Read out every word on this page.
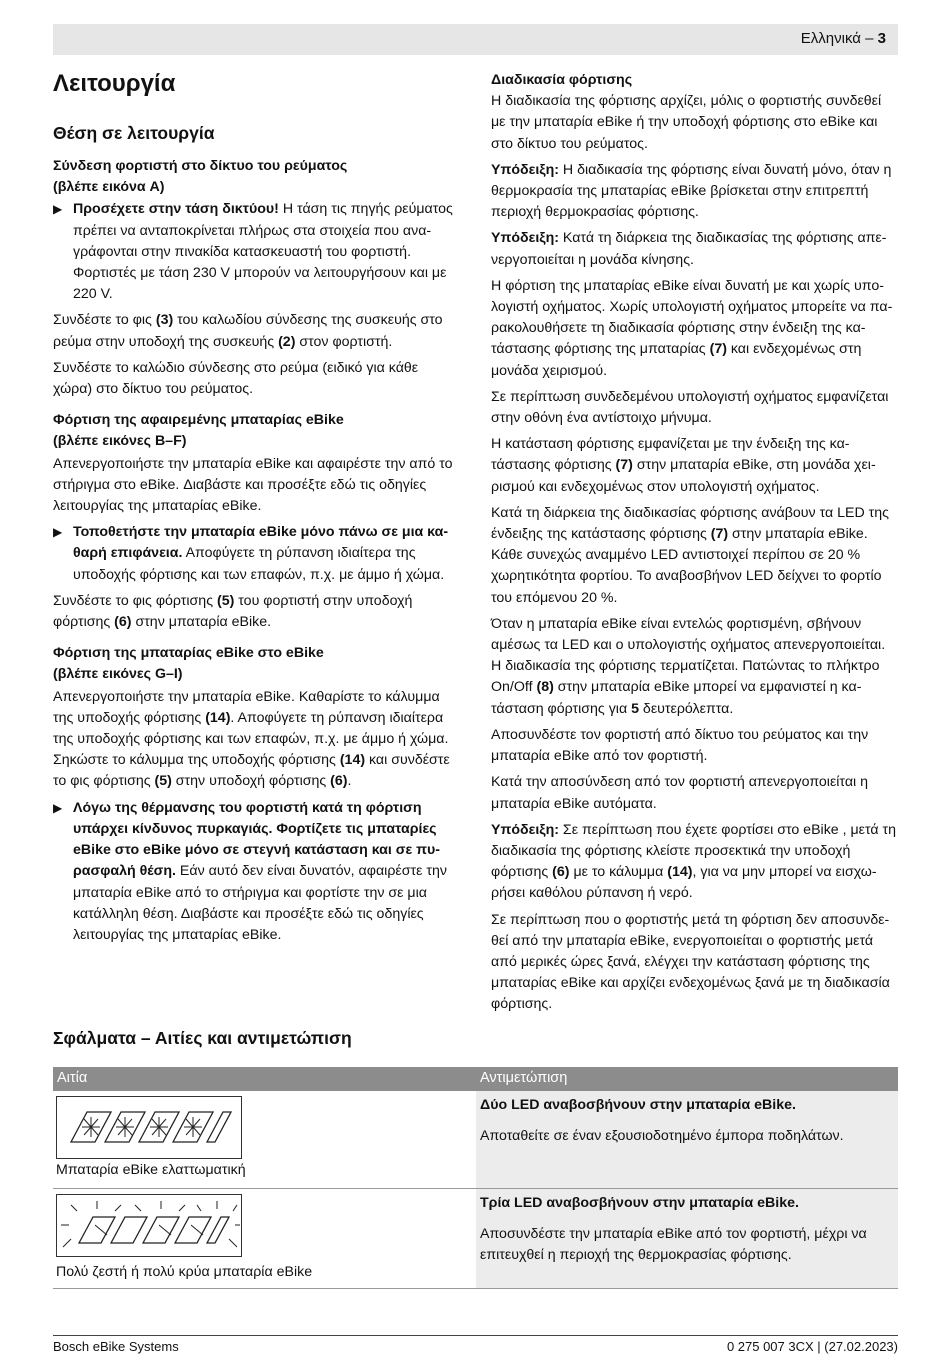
Ελληνικά – 3
Λειτουργία
Θέση σε λειτουργία
Σύνδεση φορτιστή στο δίκτυο του ρεύματος
(βλέπε εικόνα A)
▶ Προσέχετε στην τάση δικτύου! Η τάση τις πηγής ρεύματος πρέπει να ανταποκρίνεται πλήρως στα στοιχεία που αναγράφονται στην πινακίδα κατασκευαστή του φορτιστή. Φορτιστές με τάση 230 V μπορούν να λειτουργήσουν και με 220 V.

Συνδέστε το φις (3) του καλωδίου σύνδεσης της συσκευής στο ρεύμα στην υποδοχή της συσκευής (2) στον φορτιστή.

Συνδέστε το καλώδιο σύνδεσης στο ρεύμα (ειδικό για κάθε χώρα) στο δίκτυο του ρεύματος.

Φόρτιση της αφαιρεμένης μπαταρίας eBike
(βλέπε εικόνες B–F)

Απενεργοποιήστε την μπαταρία eBike και αφαιρέστε την από το στήριγμα στο eBike. Διαβάστε και προσέξτε εδώ τις οδηγίες λειτουργίας της μπαταρίας eBike.

▶ Τοποθετήστε την μπαταρία eBike μόνο πάνω σε μια καθαρή επιφάνεια. Αποφύγετε τη ρύπανση ιδιαίτερα της υποδοχής φόρτισης και των επαφών, π.χ. με άμμο ή χώμα.

Συνδέστε το φις φόρτισης (5) του φορτιστή στην υποδοχή φόρτισης (6) στην μπαταρία eBike.

Φόρτιση της μπαταρίας eBike στο eBike
(βλέπε εικόνες G–I)

Απενεργοποιήστε την μπαταρία eBike. Καθαρίστε το κάλυμμα της υποδοχής φόρτισης (14). Αποφύγετε τη ρύπανση ιδιαίτερα της υποδοχής φόρτισης και των επαφών, π.χ. με άμμο ή χώμα. Σηκώστε το κάλυμμα της υποδοχής φόρτισης (14) και συνδέστε το φις φόρτισης (5) στην υποδοχή φόρτισης (6).

▶ Λόγω της θέρμανσης του φορτιστή κατά τη φόρτιση υπάρχει κίνδυνος πυρκαγιάς. Φορτίζετε τις μπαταρίες eBike στο eBike μόνο σε στεγνή κατάσταση και σε πυρασφαλή θέση. Εάν αυτό δεν είναι δυνατόν, αφαιρέστε την μπαταρία eBike από το στήριγμα και φορτίστε την σε μια κατάλληλη θέση. Διαβάστε και προσέξτε εδώ τις οδηγίες λειτουργίας της μπαταρίας eBike.
Διαδικασία φόρτισης

Η διαδικασία της φόρτισης αρχίζει, μόλις ο φορτιστής συνδεθεί με την μπαταρία eBike ή την υποδοχή φόρτισης στο eBike και στο δίκτυο του ρεύματος.

Υπόδειξη: Η διαδικασία της φόρτισης είναι δυνατή μόνο, όταν η θερμοκρασία της μπαταρίας eBike βρίσκεται στην επιτρεπτή περιοχή θερμοκρασίας φόρτισης.

Υπόδειξη: Κατά τη διάρκεια της διαδικασίας της φόρτισης απενεργοποιείται η μονάδα κίνησης.

Η φόρτιση της μπαταρίας eBike είναι δυνατή με και χωρίς υπολογιστή οχήματος. Χωρίς υπολογιστή οχήματος μπορείτε να παρακολουθήσετε τη διαδικασία φόρτισης στην ένδειξη της κατάστασης φόρτισης της μπαταρίας (7) και ενδεχομένως στη μονάδα χειρισμού.

Σε περίπτωση συνδεδεμένου υπολογιστή οχήματος εμφανίζεται στην οθόνη ένα αντίστοιχο μήνυμα.

Η κατάσταση φόρτισης εμφανίζεται με την ένδειξη της κατάστασης φόρτισης (7) στην μπαταρία eBike, στη μονάδα χειρισμού και ενδεχομένως στον υπολογιστή οχήματος.

Κατά τη διάρκεια της διαδικασίας φόρτισης ανάβουν τα LED της ένδειξης της κατάστασης φόρτισης (7) στην μπαταρία eBike. Κάθε συνεχώς αναμμένο LED αντιστοιχεί περίπου σε 20 % χωρητικότητα φορτίου. Το αναβοσβήνον LED δείχνει το φορτίο του επόμενου 20 %.

Όταν η μπαταρία eBike είναι εντελώς φορτισμένη, σβήνουν αμέσως τα LED και ο υπολογιστής οχήματος απενεργοποιείται. Η διαδικασία της φόρτισης τερματίζεται. Πατώντας το πλήκτρο On/Off (8) στην μπαταρία eBike μπορεί να εμφανιστεί η κατάσταση φόρτισης για 5 δευτερόλεπτα.

Αποσυνδέστε τον φορτιστή από δίκτυο του ρεύματος και την μπαταρία eBike από τον φορτιστή.

Κατά την αποσύνδεση από τον φορτιστή απενεργοποιείται η μπαταρία eBike αυτόματα.

Υπόδειξη: Σε περίπτωση που έχετε φορτίσει στο eBike , μετά τη διαδικασία της φόρτισης κλείστε προσεκτικά την υποδοχή φόρτισης (6) με το κάλυμμα (14), για να μην μπορεί να εισχωρήσει καθόλου ρύπανση ή νερό.

Σε περίπτωση που ο φορτιστής μετά τη φόρτιση δεν αποσυνδεθεί από την μπαταρία eBike, ενεργοποιείται ο φορτιστής μετά από μερικές ώρες ξανά, ελέγχει την κατάσταση φόρτισης της μπαταρίας eBike και αρχίζει ενδεχομένως ξανά με τη διαδικασία φόρτισης.

Σφάλματα – Αιτίες και αντιμετώπιση
Αιτία	Αντιμετώπιση
Μπαταρία eBike ελαττωματική
Δύο LED αναβοσβήνουν στην μπαταρία eBike.
Αποταθείτε σε έναν εξουσιοδοτημένο έμπορα ποδηλάτων.
Πολύ ζεστή ή πολύ κρύα μπαταρία eBike
Τρία LED αναβοσβήνουν στην μπαταρία eBike.
Αποσυνδέστε την μπαταρία eBike από τον φορτιστή, μέχρι να επιτευχθεί η περιοχή της θερμοκρασίας φόρτισης.
Bosch eBike Systems	0 275 007 3CX | (27.02.2023)
